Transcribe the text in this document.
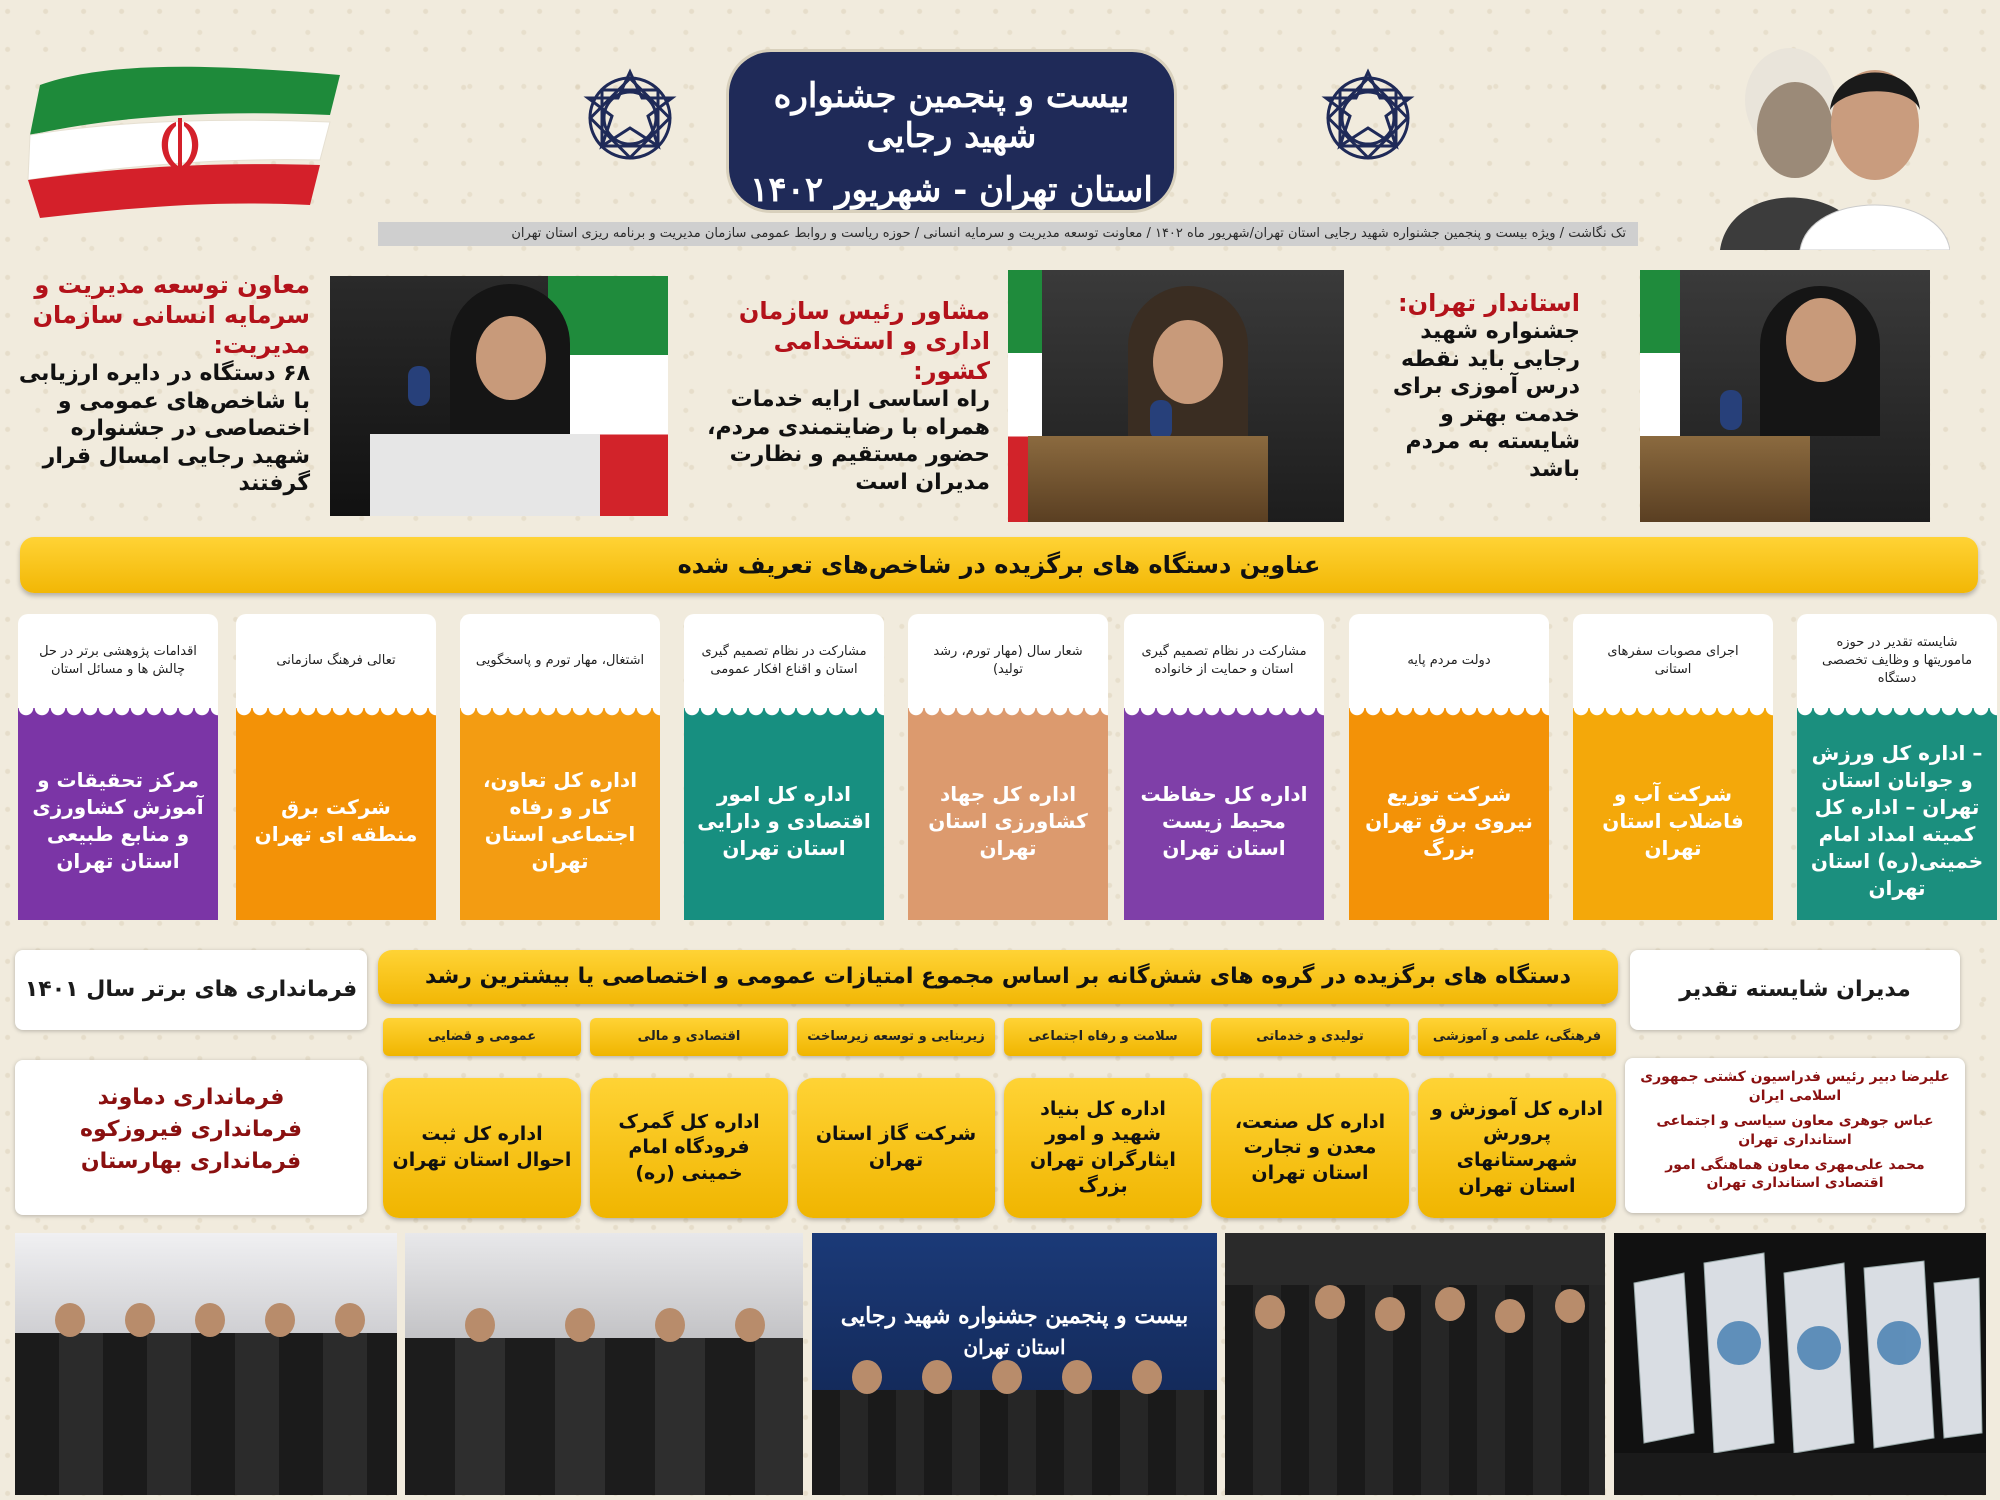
بیست و پنجمین جشنواره شهید رجایی
استان تهران - شهریور ۱۴۰۲
تک نگاشت / ویژه بیست و پنجمین جشنواره شهید رجایی استان تهران/شهریور ماه ۱۴۰۲ / معاونت توسعه مدیریت و سرمایه انسانی / حوزه ریاست و روابط عمومی سازمان مدیریت و برنامه ریزی استان تهران
استاندار تهران:
جشنواره شهید رجایی باید نقطه درس آموزی برای خدمت بهتر و شایسته به مردم باشد
مشاور رئیس سازمان اداری و استخدامی کشور:
راه اساسی ارایه خدمات همراه با رضایتمندی مردم، حضور مستقیم و نظارت مدیران است
معاون توسعه مدیریت و سرمایه انسانی سازمان مدیریت:
۶۸ دستگاه در دایره ارزیابی با شاخص‌های عمومی و اختصاصی در جشنواره شهید رجایی امسال قرار گرفتند
عناوین دستگاه های برگزیده در شاخص‌های تعریف شده
شایسته تقدیر در حوزه ماموریتها و وظایف تخصصی دستگاه
– اداره کل ورزش و جوانان استان تهران – اداره کل کمیته امداد امام خمینی(ره) استان تهران
اجرای مصوبات سفرهای استانی
شرکت آب و فاضلاب استان تهران
دولت مردم پایه
شرکت توزیع نیروی برق تهران بزرگ
مشارکت در نظام تصمیم گیری استان و حمایت از خانواده
اداره کل حفاظت محیط زیست استان تهران
شعار سال (مهار تورم، رشد تولید)
اداره کل جهاد کشاورزی استان تهران
مشارکت در نظام تصمیم گیری استان و اقناع افکار عمومی
اداره کل امور اقتصادی و دارایی استان تهران
اشتغال، مهار تورم و پاسخگویی
اداره کل تعاون، کار و رفاه اجتماعی استان تهران
تعالی فرهنگ سازمانی
شرکت برق منطقه ای تهران
اقدامات پژوهشی برتر در حل چالش ها و مسائل استان
مرکز تحقیقات و آموزش کشاورزی و منابع طبیعی استان تهران
مدیران شایسته تقدیر
علیرضا دبیر رئیس فدراسیون کشتی جمهوری اسلامی ایران
عباس جوهری معاون سیاسی و اجتماعی استانداری تهران
محمد علی‌مهری معاون هماهنگی امور اقتصادی استانداری تهران
دستگاه های برگزیده در گروه های شش‌گانه بر اساس مجموع امتیازات عمومی و اختصاصی یا بیشترین رشد
فرهنگی، علمی و آموزشی
اداره کل آموزش و پرورش شهرستانهای استان تهران
تولیدی و خدماتی
اداره کل صنعت، معدن و تجارت استان تهران
سلامت و رفاه اجتماعی
اداره کل بنیاد شهید و امور ایثارگران تهران بزرگ
زیربنایی و توسعه زیرساخت
شرکت گاز استان تهران
اقتصادی و مالی
اداره کل گمرک فرودگاه امام خمینی (ره)
عمومی و قضایی
اداره کل ثبت احوال استان تهران
فرمانداری های برتر سال ۱۴۰۱
فرمانداری دماوند
فرمانداری فیروزکوه
فرمانداری بهارستان
بیست و پنجمین جشنواره شهید رجایی
استان تهران
